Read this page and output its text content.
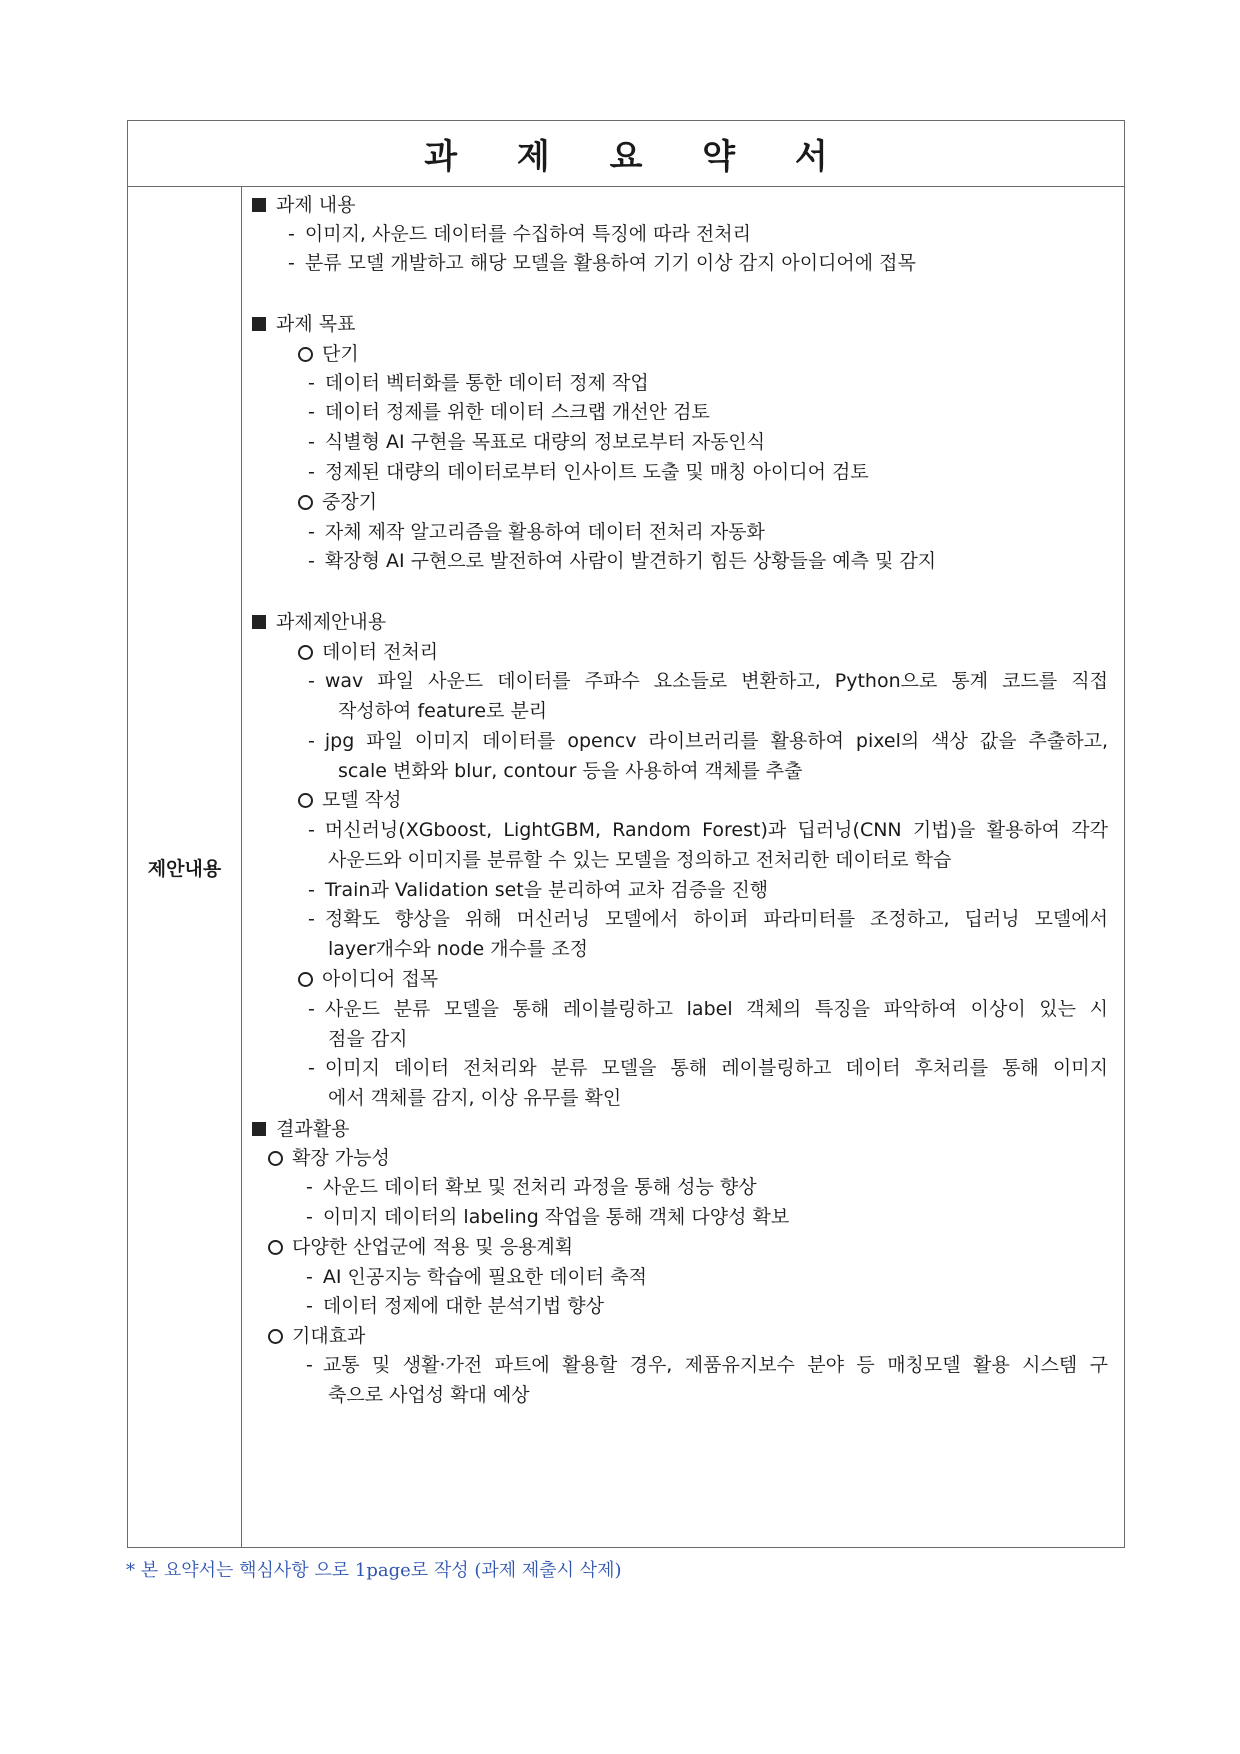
과 제 요 약 서
제안내용
과제 내용
- 이미지, 사운드 데이터를 수집하여 특징에 따라 전처리
- 분류 모델 개발하고 해당 모델을 활용하여 기기 이상 감지 아이디어에 접목
과제 목표
단기
- 데이터 벡터화를 통한 데이터 정제 작업
- 데이터 정제를 위한 데이터 스크랩 개선안 검토
- 식별형 AI 구현을 목표로 대량의 정보로부터 자동인식
- 정제된 대량의 데이터로부터 인사이트 도출 및 매칭 아이디어 검토
중장기
- 자체 제작 알고리즘을 활용하여 데이터 전처리 자동화
- 확장형 AI 구현으로 발전하여 사람이 발견하기 힘든 상황들을 예측 및 감지
과제제안내용
데이터 전처리
- wav 파일 사운드 데이터를 주파수 요소들로 변환하고, Python으로 통계 코드를 직접
작성하여 feature로 분리
- jpg 파일 이미지 데이터를 opencv 라이브러리를 활용하여 pixel의 색상 값을 추출하고,
scale 변화와 blur, contour 등을 사용하여 객체를 추출
모델 작성
- 머신러닝(XGboost, LightGBM, Random Forest)과 딥러닝(CNN 기법)을 활용하여 각각
사운드와 이미지를 분류할 수 있는 모델을 정의하고 전처리한 데이터로 학습
- Train과 Validation set을 분리하여 교차 검증을 진행
- 정확도 향상을 위해 머신러닝 모델에서 하이퍼 파라미터를 조정하고, 딥러닝 모델에서
layer개수와 node 개수를 조정
아이디어 접목
- 사운드 분류 모델을 통해 레이블링하고 label 객체의 특징을 파악하여 이상이 있는 시
점을 감지
- 이미지 데이터 전처리와 분류 모델을 통해 레이블링하고 데이터 후처리를 통해 이미지
에서 객체를 감지, 이상 유무를 확인
결과활용
확장 가능성
- 사운드 데이터 확보 및 전처리 과정을 통해 성능 향상
- 이미지 데이터의 labeling 작업을 통해 객체 다양성 확보
다양한 산업군에 적용 및 응용계획
- AI 인공지능 학습에 필요한 데이터 축적
- 데이터 정제에 대한 분석기법 향상
기대효과
- 교통 및 생활·가전 파트에 활용할 경우, 제품유지보수 분야 등 매칭모델 활용 시스템 구
축으로 사업성 확대 예상
* 본 요약서는 핵심사항 으로 1page로 작성 (과제 제출시 삭제)
